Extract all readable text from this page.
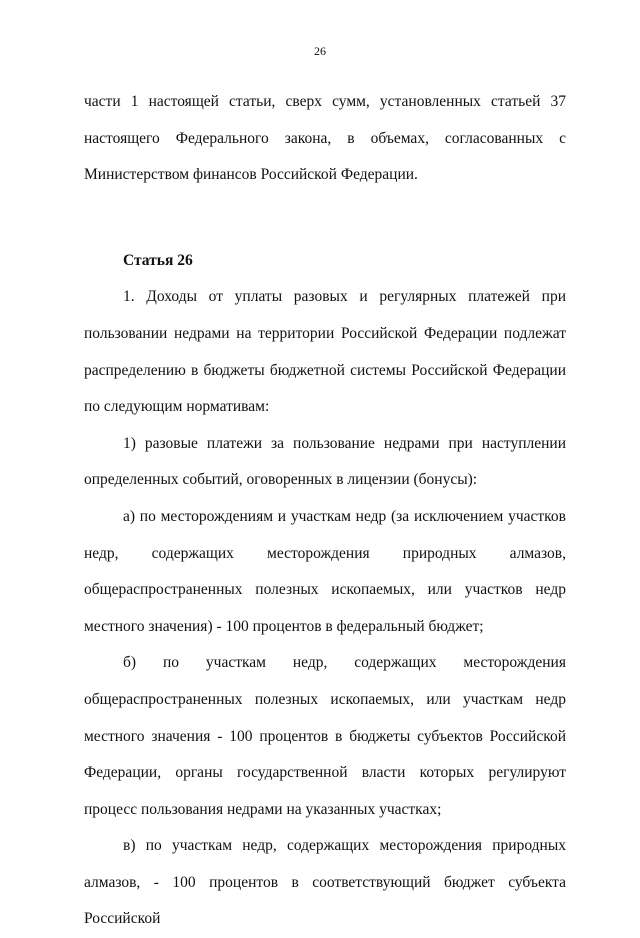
26

части 1 настоящей статьи, сверх сумм, установленных статьей 37 настоящего Федерального закона, в объемах, согласованных с Министерством финансов Российской Федерации.

Статья 26

1. Доходы от уплаты разовых и регулярных платежей при пользовании недрами на территории Российской Федерации подлежат распределению в бюджеты бюджетной системы Российской Федерации по следующим нормативам:

1) разовые платежи за пользование недрами при наступлении определенных событий, оговоренных в лицензии (бонусы):

а) по месторождениям и участкам недр (за исключением участков недр, содержащих месторождения природных алмазов, общераспространенных полезных ископаемых, или участков недр местного значения) - 100 процентов в федеральный бюджет;

б) по участкам недр, содержащих месторождения общераспространенных полезных ископаемых, или участкам недр местного значения - 100 процентов в бюджеты субъектов Российской Федерации, органы государственной власти которых регулируют процесс пользования недрами на указанных участках;

в) по участкам недр, содержащих месторождения природных алмазов, - 100 процентов в соответствующий бюджет субъекта Российской
